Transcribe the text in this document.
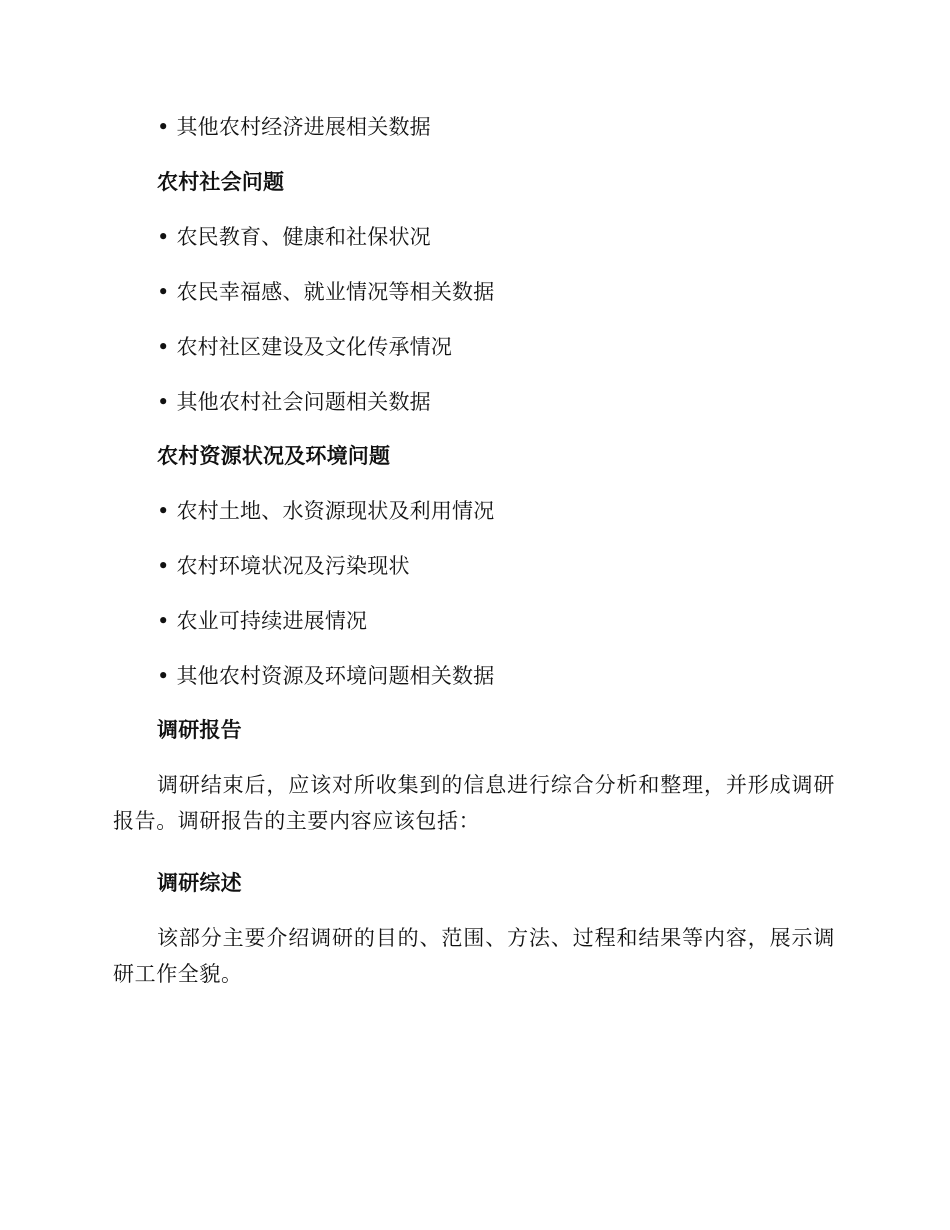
• 其他农村经济进展相关数据
农村社会问题
• 农民教育、健康和社保状况
• 农民幸福感、就业情况等相关数据
• 农村社区建设及文化传承情况
• 其他农村社会问题相关数据
农村资源状况及环境问题
• 农村土地、水资源现状及利用情况
• 农村环境状况及污染现状
• 农业可持续进展情况
• 其他农村资源及环境问题相关数据
调研报告
调研结束后，应该对所收集到的信息进行综合分析和整理，并形成调研报告。调研报告的主要内容应该包括：
调研综述
该部分主要介绍调研的目的、范围、方法、过程和结果等内容，展示调研工作全貌。
